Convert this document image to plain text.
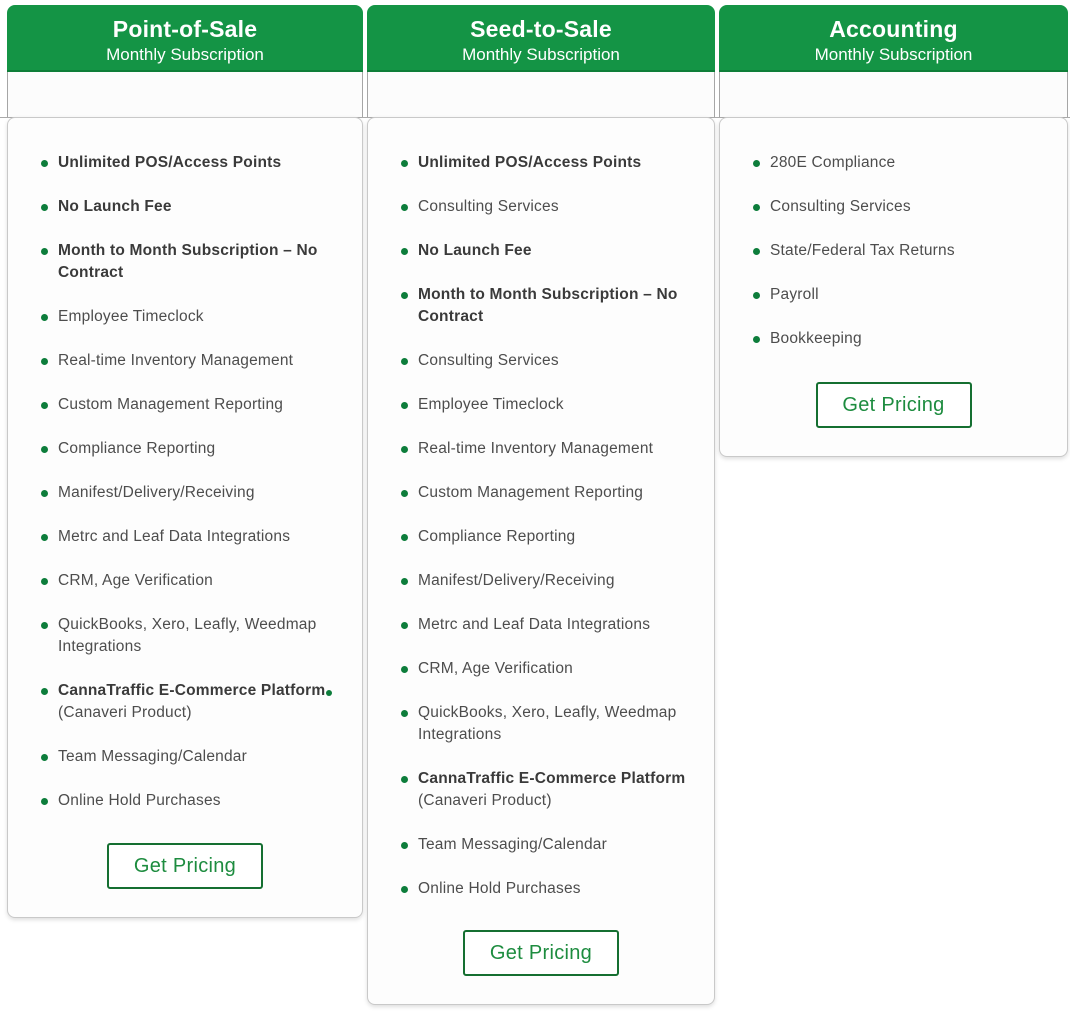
Point-of-Sale
Monthly Subscription
Unlimited POS/Access Points
No Launch Fee
Month to Month Subscription – No Contract
Employee Timeclock
Real-time Inventory Management
Custom Management Reporting
Compliance Reporting
Manifest/Delivery/Receiving
Metrc and Leaf Data Integrations
CRM, Age Verification
QuickBooks, Xero, Leafly, Weedmap Integrations
CannaTraffic E-Commerce Platform (Canaveri Product)
Team Messaging/Calendar
Online Hold Purchases
Get Pricing
Seed-to-Sale
Monthly Subscription
Unlimited POS/Access Points
Consulting Services
No Launch Fee
Month to Month Subscription – No Contract
Consulting Services
Employee Timeclock
Real-time Inventory Management
Custom Management Reporting
Compliance Reporting
Manifest/Delivery/Receiving
Metrc and Leaf Data Integrations
CRM, Age Verification
QuickBooks, Xero, Leafly, Weedmap Integrations
CannaTraffic E-Commerce Platform (Canaveri Product)
Team Messaging/Calendar
Online Hold Purchases
Get Pricing
Accounting
Monthly Subscription
280E Compliance
Consulting Services
State/Federal Tax Returns
Payroll
Bookkeeping
Get Pricing
